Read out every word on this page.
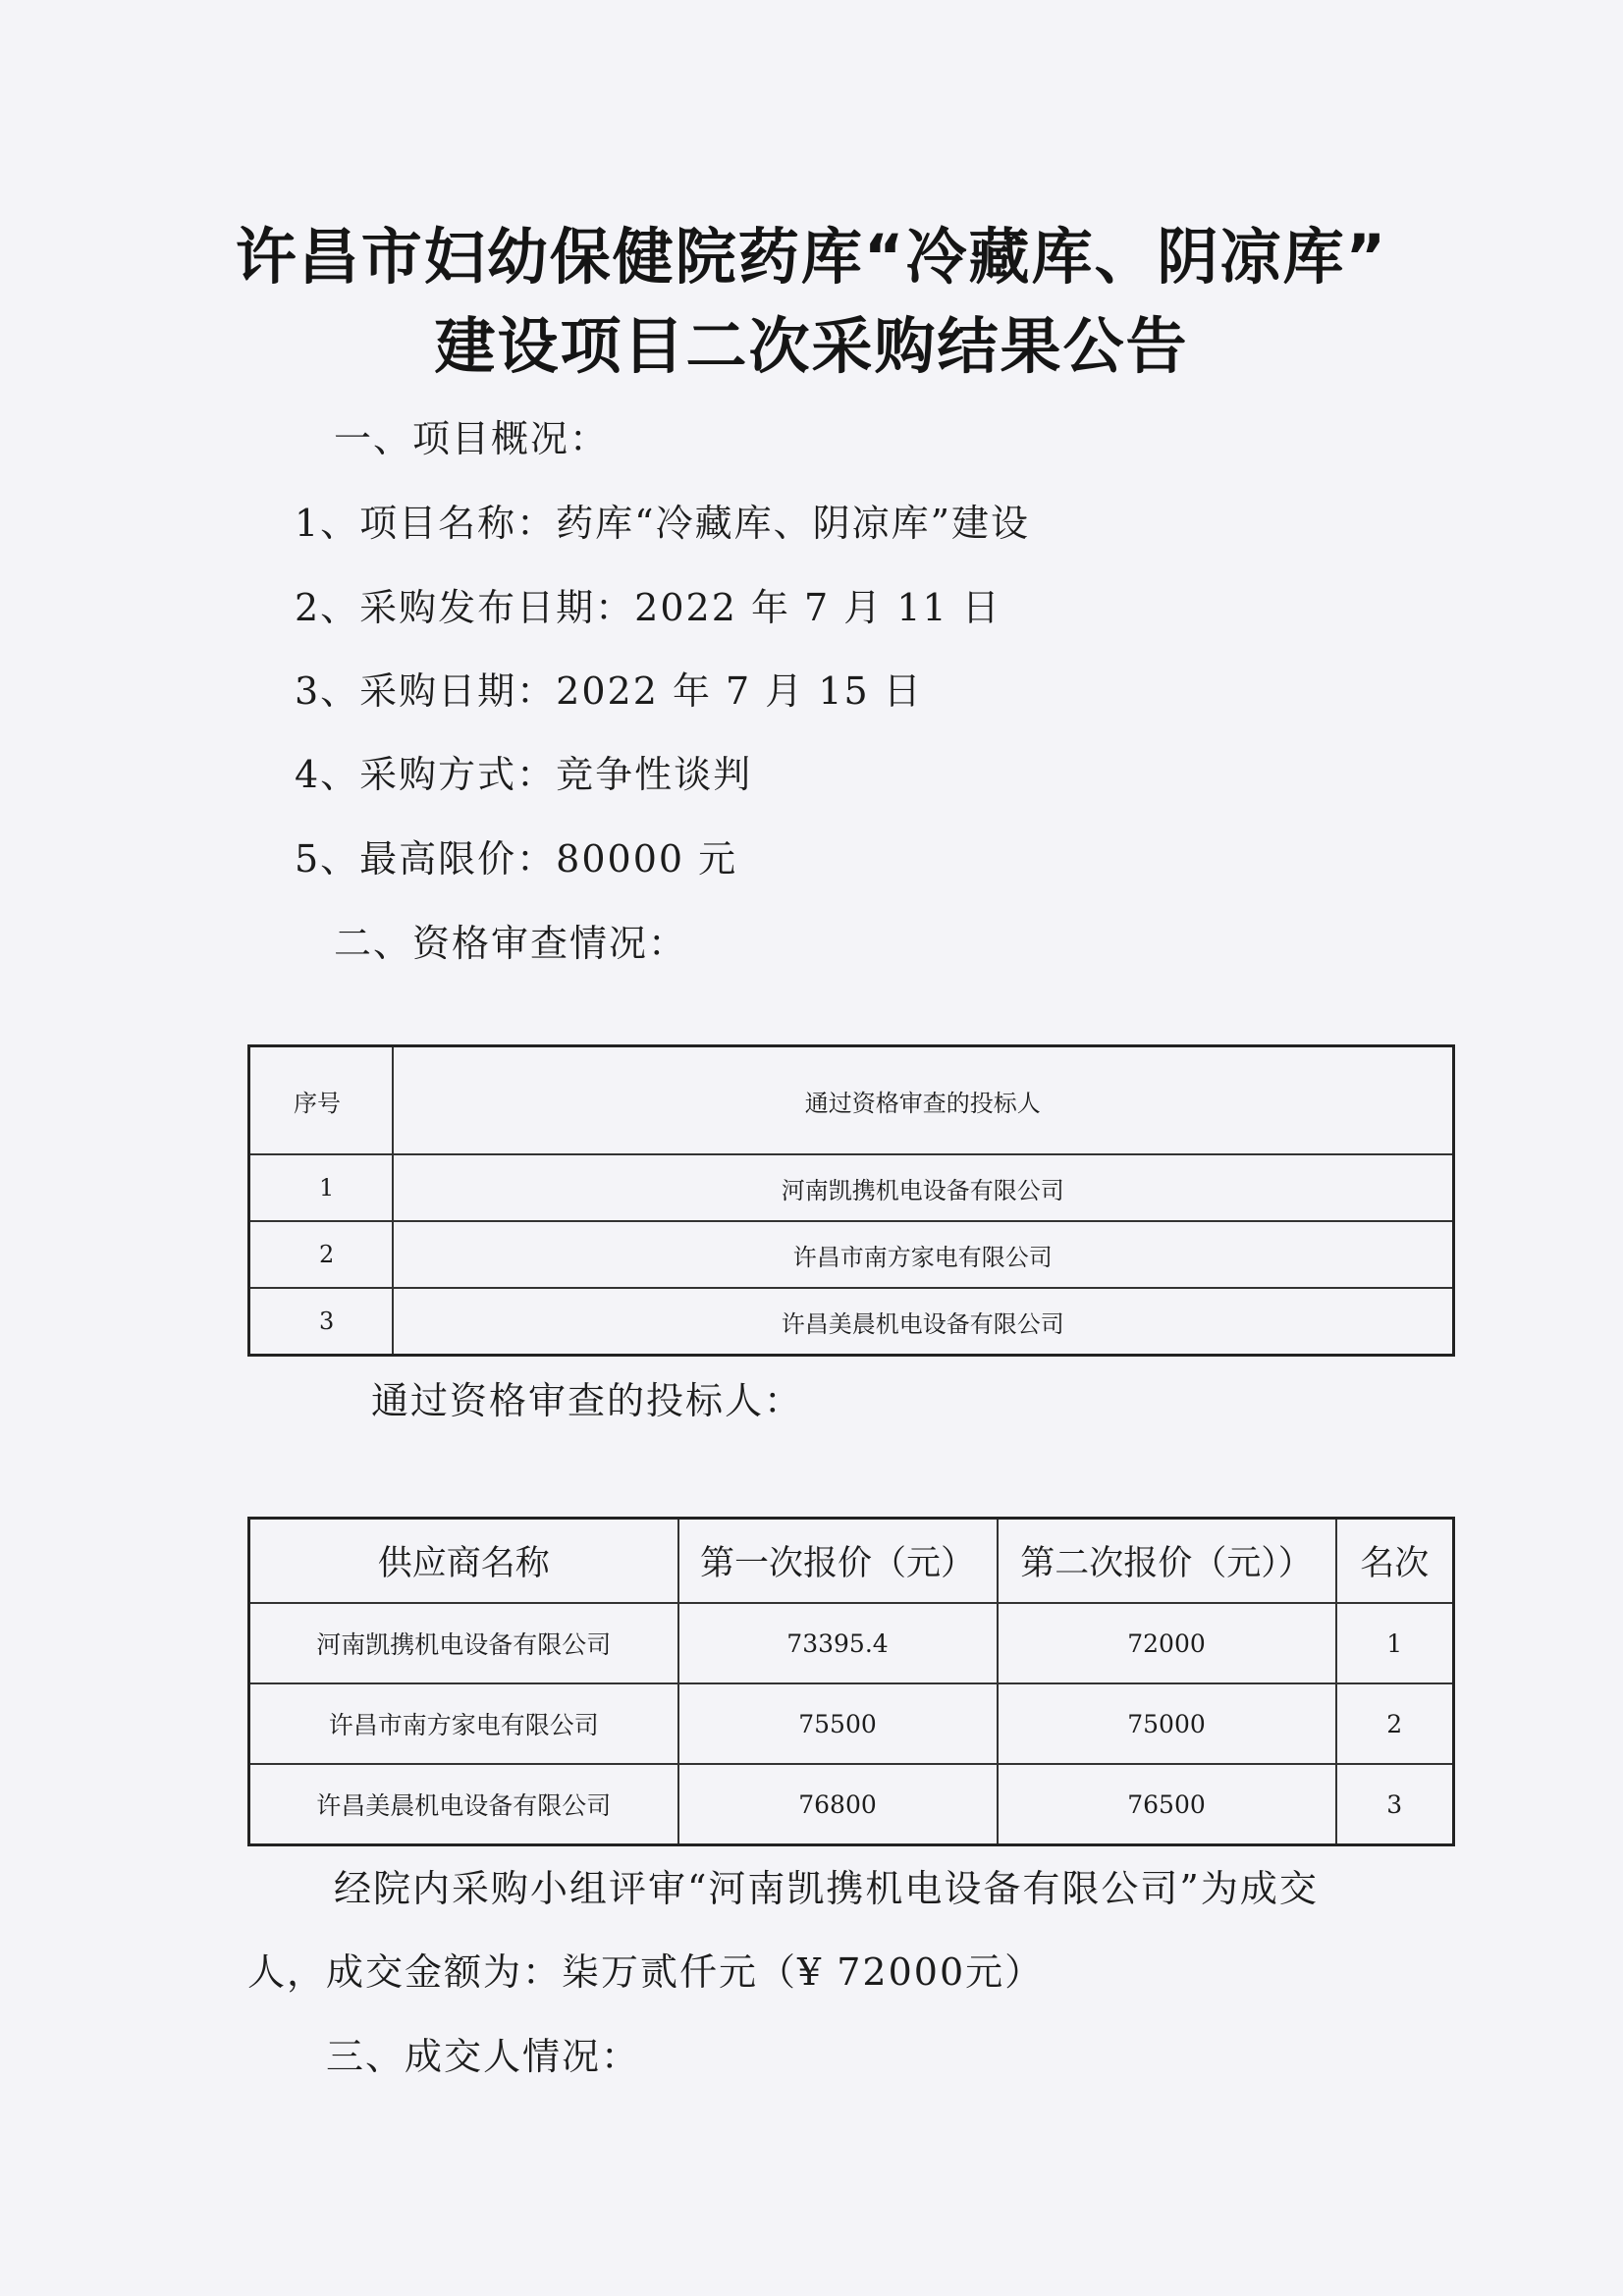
许昌市妇幼保健院药库“冷藏库、阴凉库”
建设项目二次采购结果公告
一、项目概况：
1、项目名称：药库“冷藏库、阴凉库”建设
2、采购发布日期：2022 年 7 月 11 日
3、采购日期：2022 年 7 月 15 日
4、采购方式：竞争性谈判
5、最高限价：80000 元
二、资格审查情况：
序号	通过资格审查的投标人
1	河南凯携机电设备有限公司
2	许昌市南方家电有限公司
3	许昌美晨机电设备有限公司
通过资格审查的投标人：
供应商名称	第一次报价（元）	第二次报价（元））	名次
河南凯携机电设备有限公司	73395.4	72000	1
许昌市南方家电有限公司	75500	75000	2
许昌美晨机电设备有限公司	76800	76500	3
经院内采购小组评审“河南凯携机电设备有限公司”为成交
人，成交金额为：柒万贰仟元（¥ 72000元）
三、成交人情况：
